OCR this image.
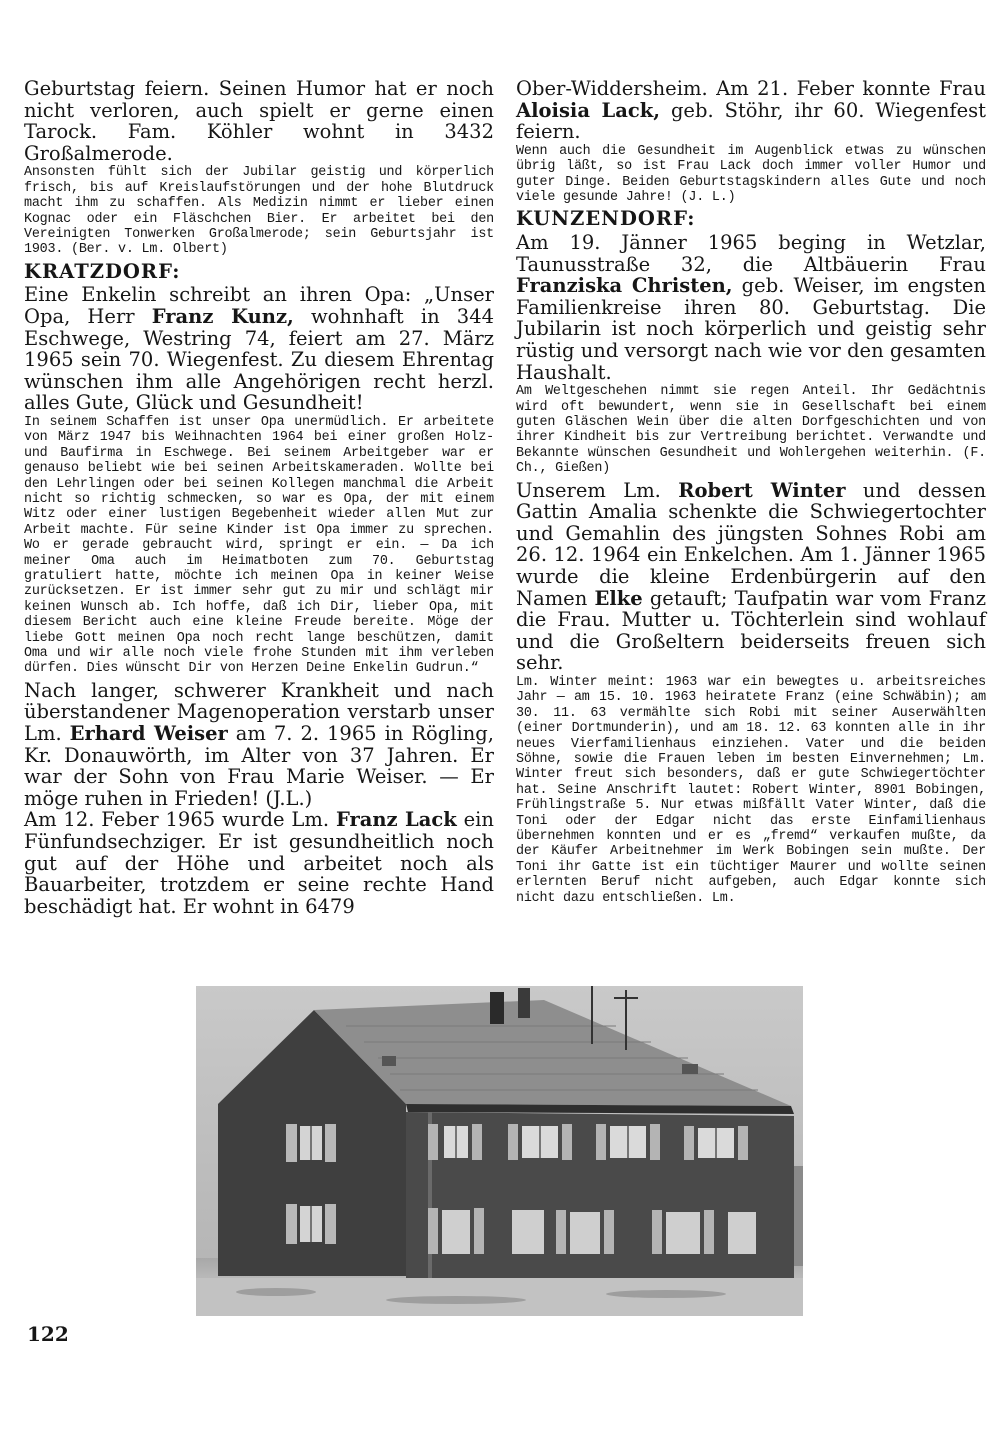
Geburtstag feiern. Seinen Humor hat er noch nicht verloren, auch spielt er gerne einen Tarock. Fam. Köhler wohnt in 3432 Großalmerode.

Ansonsten fühlt sich der Jubilar geistig und körperlich frisch, bis auf Kreislaufstörungen und der hohe Blutdruck macht ihm zu schaffen. Als Medizin nimmt er lieber einen Kognac oder ein Fläschchen Bier. Er arbeitet bei den Vereinigten Tonwerken Großalmerode; sein Geburtsjahr ist 1903. (Ber. v. Lm. Olbert)

KRATZDORF:

Eine Enkelin schreibt an ihren Opa: „Unser Opa, Herr Franz Kunz, wohnhaft in 344 Eschwege, Westring 74, feiert am 27. März 1965 sein 70. Wiegenfest. Zu diesem Ehrentag wünschen ihm alle Angehörigen recht herzl. alles Gute, Glück und Gesundheit!

In seinem Schaffen ist unser Opa unermüdlich. Er arbeitete von März 1947 bis Weihnachten 1964 bei einer großen Holz- und Baufirma in Eschwege. Bei seinem Arbeitgeber war er genauso beliebt wie bei seinen Arbeitskameraden. Wollte bei den Lehrlingen oder bei seinen Kollegen manchmal die Arbeit nicht so richtig schmecken, so war es Opa, der mit einem Witz oder einer lustigen Begebenheit wieder allen Mut zur Arbeit machte. Für seine Kinder ist Opa immer zu sprechen. Wo er gerade gebraucht wird, springt er ein. — Da ich meiner Oma auch im Heimatboten zum 70. Geburtstag gratuliert hatte, möchte ich meinen Opa in keiner Weise zurücksetzen. Er ist immer sehr gut zu mir und schlägt mir keinen Wunsch ab. Ich hoffe, daß ich Dir, lieber Opa, mit diesem Bericht auch eine kleine Freude bereite. Möge der liebe Gott meinen Opa noch recht lange beschützen, damit Oma und wir alle noch viele frohe Stunden mit ihm verleben dürfen. Dies wünscht Dir von Herzen Deine Enkelin Gudrun.“

Nach langer, schwerer Krankheit und nach überstandener Magenoperation verstarb unser Lm. Erhard Weiser am 7. 2. 1965 in Rögling, Kr. Donauwörth, im Alter von 37 Jahren. Er war der Sohn von Frau Marie Weiser. — Er möge ruhen in Frieden! (J.L.)

Am 12. Feber 1965 wurde Lm. Franz Lack ein Fünfundsechziger. Er ist gesundheitlich noch gut auf der Höhe und arbeitet noch als Bauarbeiter, trotzdem er seine rechte Hand beschädigt hat. Er wohnt in 6479

Ober-Widdersheim. Am 21. Feber konnte Frau Aloisia Lack, geb. Stöhr, ihr 60. Wiegenfest feiern.

Wenn auch die Gesundheit im Augenblick etwas zu wünschen übrig läßt, so ist Frau Lack doch immer voller Humor und guter Dinge. Beiden Geburtstagskindern alles Gute und noch viele gesunde Jahre! (J. L.)

KUNZENDORF:

Am 19. Jänner 1965 beging in Wetzlar, Taunusstraße 32, die Altbäuerin Frau Franziska Christen, geb. Weiser, im engsten Familienkreise ihren 80. Geburtstag. Die Jubilarin ist noch körperlich und geistig sehr rüstig und versorgt nach wie vor den gesamten Haushalt.

Am Weltgeschehen nimmt sie regen Anteil. Ihr Gedächtnis wird oft bewundert, wenn sie in Gesellschaft bei einem guten Gläschen Wein über die alten Dorfgeschichten und von ihrer Kindheit bis zur Vertreibung berichtet. Verwandte und Bekannte wünschen Gesundheit und Wohlergehen weiterhin. (F. Ch., Gießen)

Unserem Lm. Robert Winter und dessen Gattin Amalia schenkte die Schwiegertochter und Gemahlin des jüngsten Sohnes Robi am 26. 12. 1964 ein Enkelchen. Am 1. Jänner 1965 wurde die kleine Erdenbürgerin auf den Namen Elke getauft; Taufpatin war vom Franz die Frau. Mutter u. Töchterlein sind wohlauf und die Großeltern beiderseits freuen sich sehr.

Lm. Winter meint: 1963 war ein bewegtes u. arbeitsreiches Jahr — am 15. 10. 1963 heiratete Franz (eine Schwäbin); am 30. 11. 63 vermählte sich Robi mit seiner Auserwählten (einer Dortmunderin), und am 18. 12. 63 konnten alle in ihr neues Vierfamilienhaus einziehen. Vater und die beiden Söhne, sowie die Frauen leben im besten Einvernehmen; Lm. Winter freut sich besonders, daß er gute Schwiegertöchter hat. Seine Anschrift lautet: Robert Winter, 8901 Bobingen, Frühlingstraße 5. Nur etwas mißfällt Vater Winter, daß die Toni oder der Edgar nicht das erste Einfamilienhaus übernehmen konnten und er es „fremd“ verkaufen mußte, da der Käufer Arbeitnehmer im Werk Bobingen sein mußte. Der Toni ihr Gatte ist ein tüchtiger Maurer und wollte seinen erlernten Beruf nicht aufgeben, auch Edgar konnte sich nicht dazu entschließen. Lm.

122
